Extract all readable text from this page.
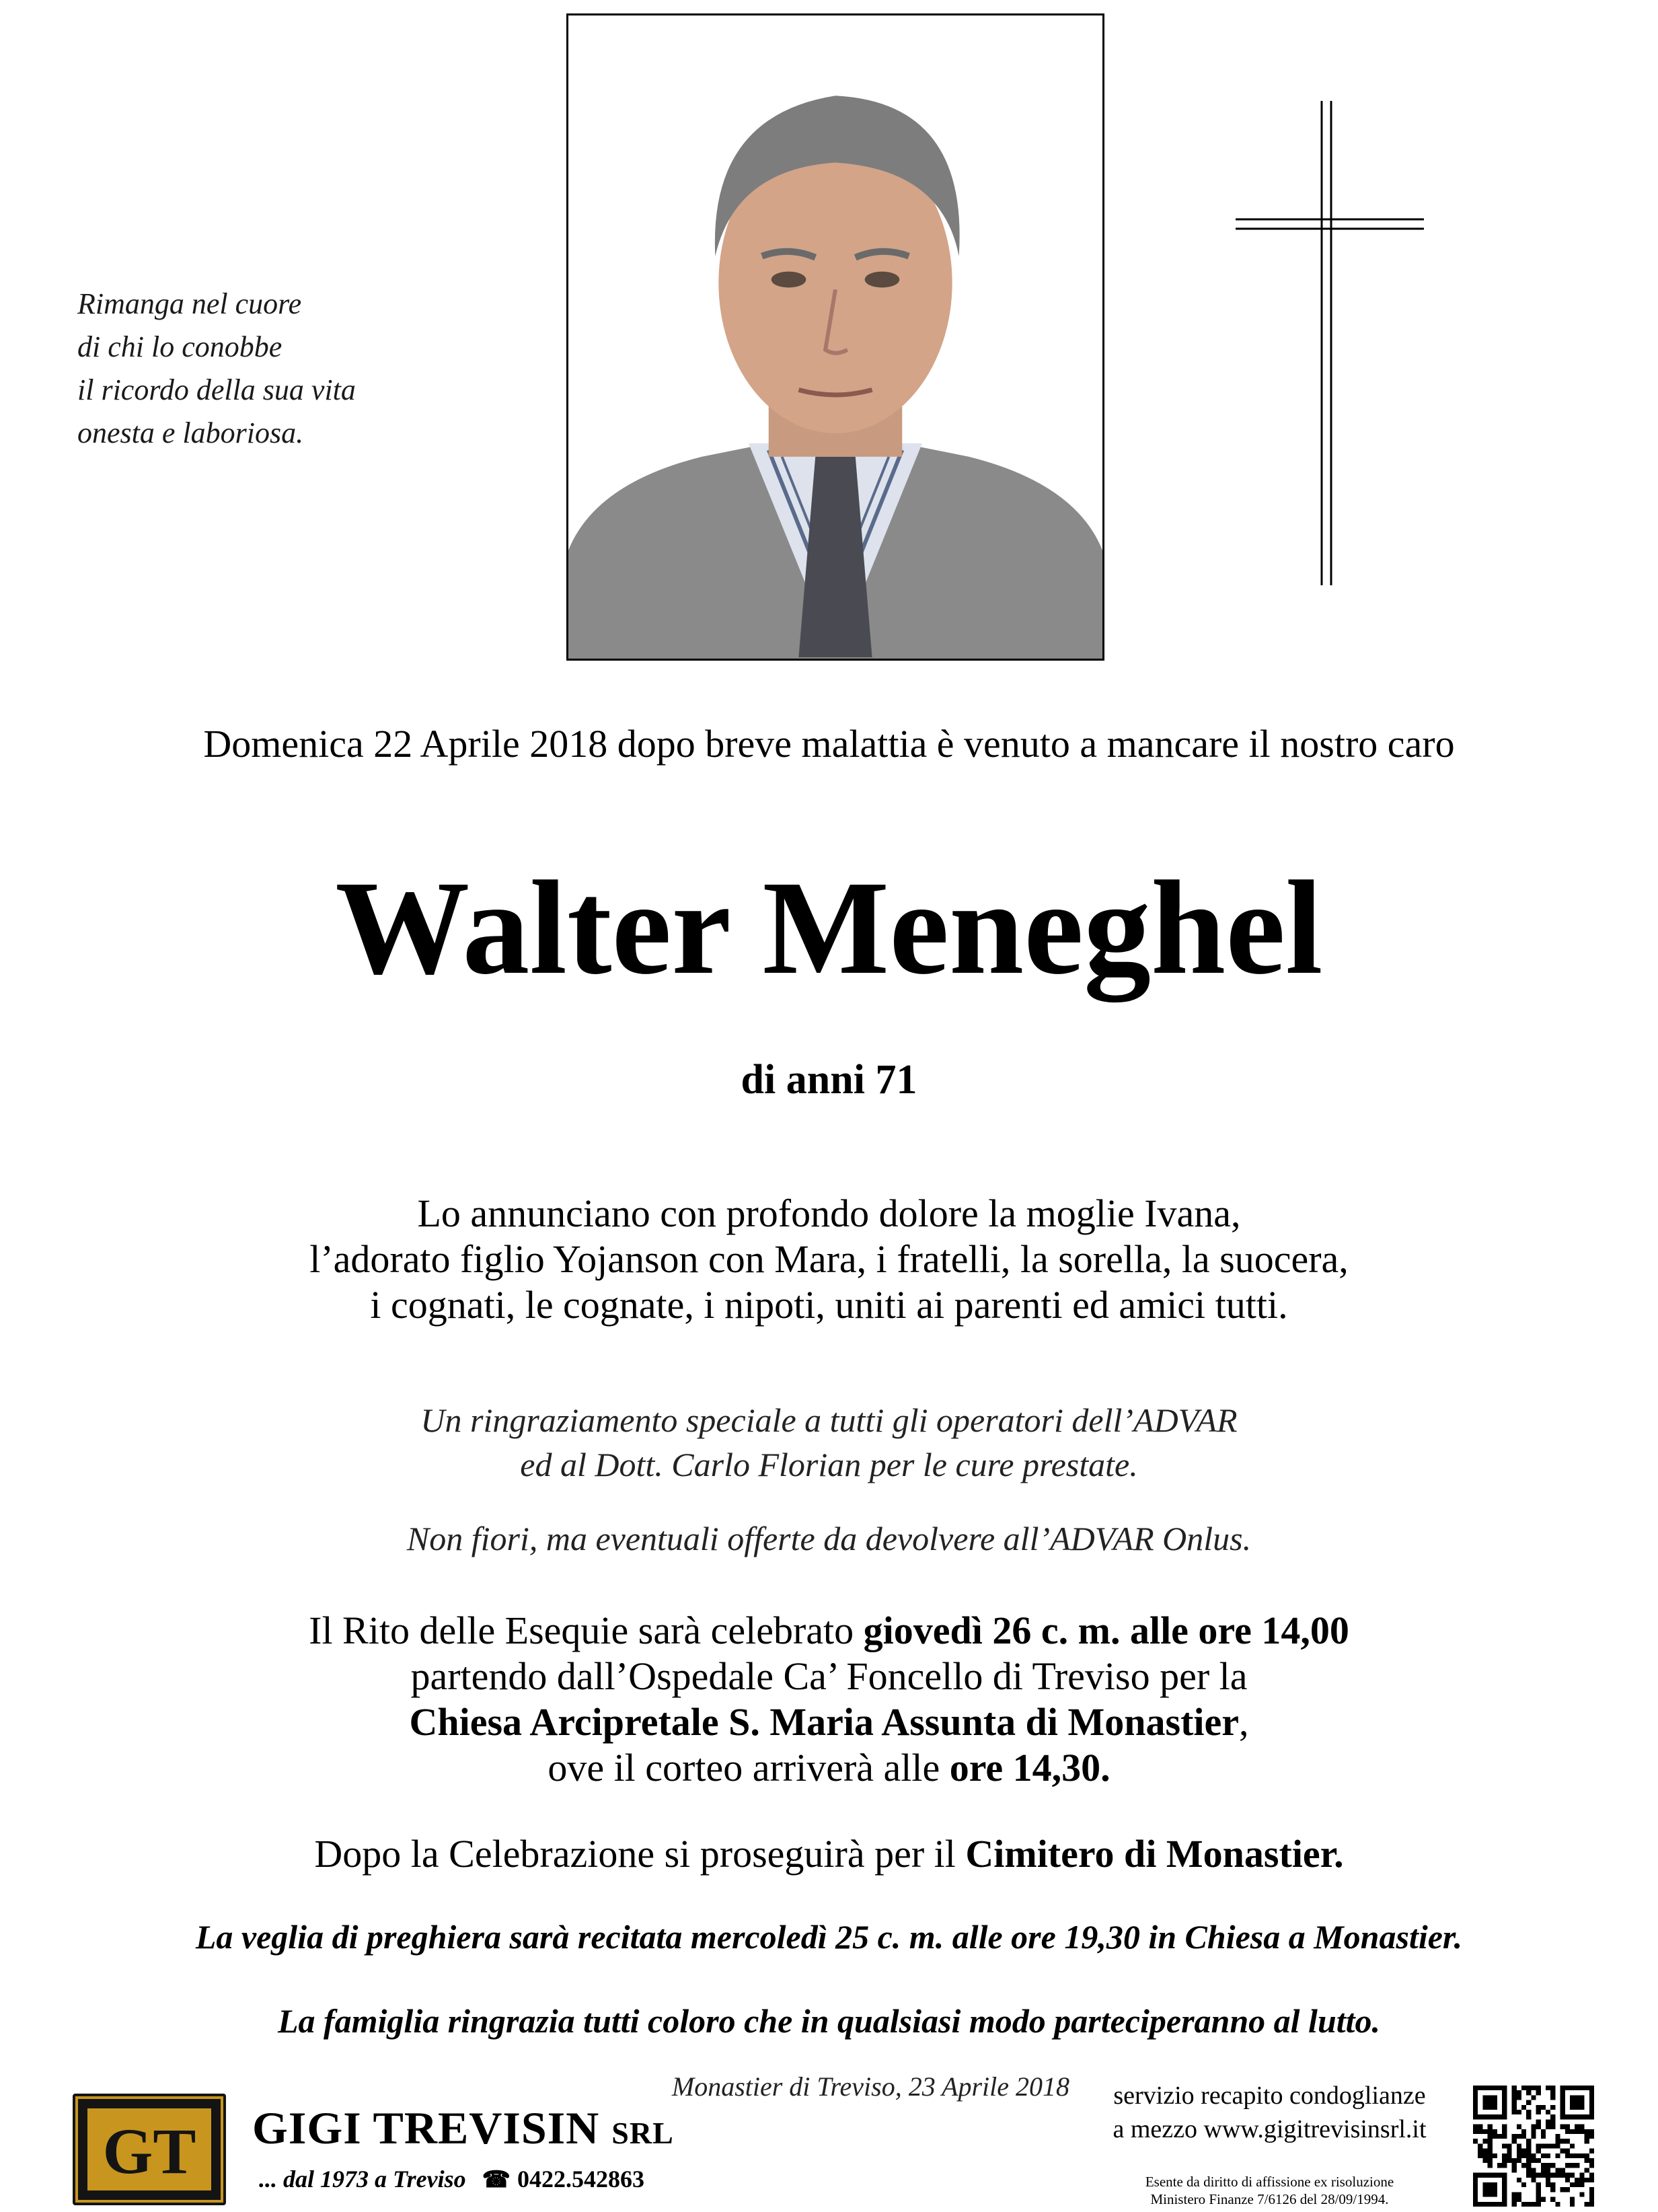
Rimanga nel cuore
di chi lo conobbe
il ricordo della sua vita
onesta e laboriosa.
Domenica 22 Aprile 2018 dopo breve malattia è venuto a mancare il nostro caro
Walter Meneghel
di anni 71
Lo annunciano con profondo dolore la moglie Ivana,
l’adorato figlio Yojanson con Mara, i fratelli, la sorella, la suocera,
i cognati, le cognate, i nipoti, uniti ai parenti ed amici tutti.
Un ringraziamento speciale a tutti gli operatori dell’ADVAR
ed al Dott. Carlo Florian per le cure prestate.
Non fiori, ma eventuali offerte da devolvere all’ADVAR Onlus.
Il Rito delle Esequie sarà celebrato giovedì 26 c. m. alle ore 14,00
partendo dall’Ospedale Ca’ Foncello di Treviso per la
Chiesa Arcipretale S. Maria Assunta di Monastier,
ove il corteo arriverà alle ore 14,30.
Dopo la Celebrazione si proseguirà per il Cimitero di Monastier.
La veglia di preghiera sarà recitata mercoledì 25 c. m. alle ore 19,30 in Chiesa a Monastier.
La famiglia ringrazia tutti coloro che in qualsiasi modo parteciperanno al lutto.
Monastier di Treviso, 23 Aprile 2018
GT GIGI TREVISIN SRL
... dal 1973 a Treviso ☎ 0422.542863
servizio recapito condoglianze
a mezzo www.gigitrevisinsrl.it
Esente da diritto di affissione ex risoluzione
Ministero Finanze 7/6126 del 28/09/1994.
